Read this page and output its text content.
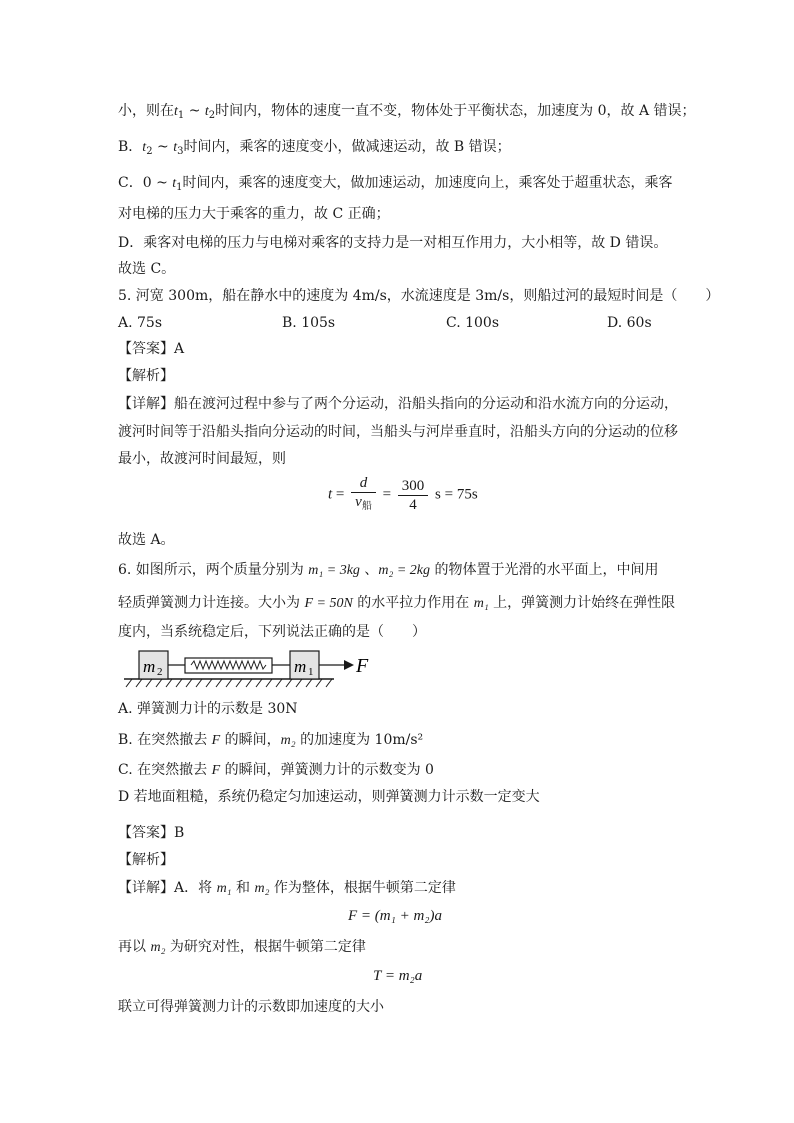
小，则在$t_1$ ~ $t_2$时间内，物体的速度一直不变，物体处于平衡状态，加速度为 0，故 A 错误；
B．$t_2$ ~ $t_3$时间内，乘客的速度变小，做减速运动，故 B 错误；
C．0 ~ $t_1$时间内，乘客的速度变大，做加速运动，加速度向上，乘客处于超重状态，乘客
对电梯的压力大于乘客的重力，故 C 正确；
D．乘客对电梯的压力与电梯对乘客的支持力是一对相互作用力，大小相等，故 D 错误。
故选 C。
5. 河宽 300m，船在静水中的速度为 4m/s，水流速度是 3m/s，则船过河的最短时间是（　　）
A. 75s	B. 105s	C. 100s	D. 60s
【答案】A
【解析】
【详解】船在渡河过程中参与了两个分运动，沿船头指向的分运动和沿水流方向的分运动，
渡河时间等于沿船头指向分运动的时间，当船头与河岸垂直时，沿船头方向的分运动的位移
最小，故渡河时间最短，则
$t = \frac{d}{v_船} = \frac{300}{4}$ s = 75s
故选 A。
6. 如图所示，两个质量分别为 m₁ = 3kg 、m₂ = 2kg 的物体置于光滑的水平面上，中间用
轻质弹簧测力计连接。大小为 F = 50N 的水平拉力作用在 m₁ 上，弹簧测力计始终在弹性限
度内，当系统稳定后，下列说法正确的是（　　）
m 2	m 1 F
A. 弹簧测力计的示数是 30N
B. 在突然撤去 F 的瞬间，m₂ 的加速度为 10m/s²
C. 在突然撤去 F 的瞬间，弹簧测力计的示数变为 0
D 若地面粗糙，系统仍稳定匀加速运动，则弹簧测力计示数一定变大
【答案】B
【解析】
【详解】A．将 m₁ 和 m₂ 作为整体，根据牛顿第二定律
F = (m₁ + m₂)a
再以 m₂ 为研究对性，根据牛顿第二定律
T = m₂a
联立可得弹簧测力计的示数即加速度的大小
